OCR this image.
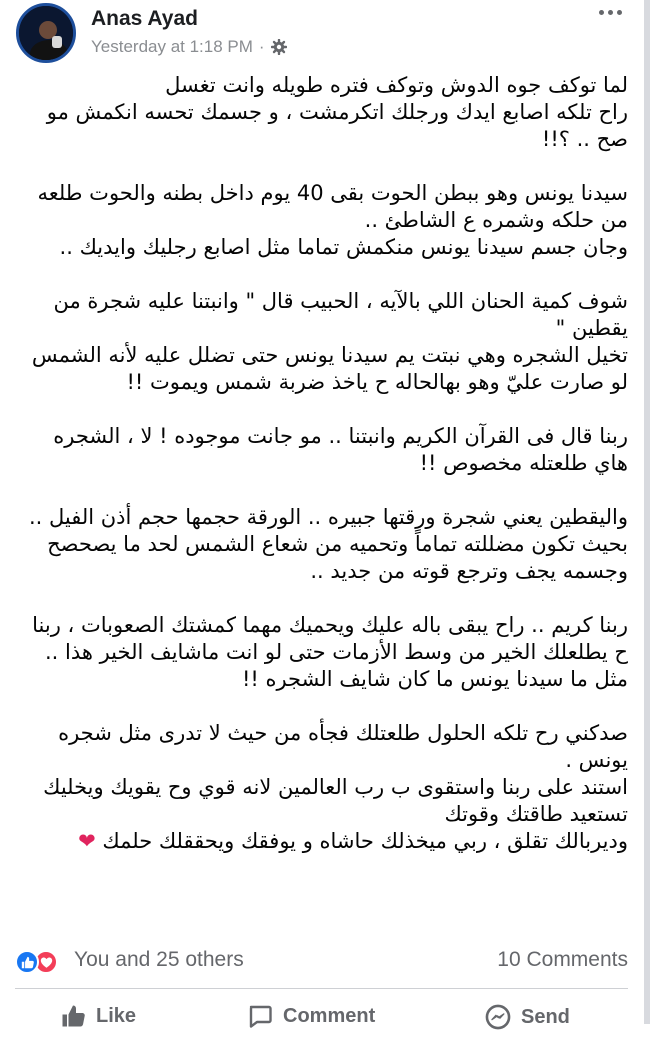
Anas Ayad
Yesterday at 1:18 PM ·

لما توكف جوه الدوش وتوكف فتره طويله وانت تغسل
راح تلكه اصابع ايدك ورجلك اتكرمشت ، و جسمك تحسه انكمش مو صح .. ؟!!

سيدنا يونس وهو ببطن الحوت بقى 40 يوم داخل بطنه والحوت طلعه من حلكه وشمره ع الشاطئ ..
وجان جسم سيدنا يونس منكمش تماما مثل اصابع رجليك وايديك ..

شوف كمية الحنان اللي بالآيه ، الحبيب قال " وانبتنا عليه شجرة من يقطين "
تخيل الشجره وهي نبتت يم سيدنا يونس حتى تضلل عليه لأنه الشمس لو صارت عليّ وهو بهالحاله ح ياخذ ضربة شمس ويموت !!

ربنا قال فى القرآن الكريم وانبتنا .. مو جانت موجوده ! لا ، الشجره هاي طلعتله مخصوص !!

واليقطين يعني شجرة ورقتها جبيره .. الورقة حجمها حجم أذن الفيل ..
بحيث تكون مضللته تماماً وتحميه من شعاع الشمس لحد ما يصحصح وجسمه يجف وترجع قوته من جديد ..

ربنا كريم .. راح يبقى باله عليك ويحميك مهما كمشتك الصعوبات ، ربنا ح يطلعلك الخير من وسط الأزمات حتى لو انت ماشايف الخير هذا ..
مثل ما سيدنا يونس ما كان شايف الشجره !!

صدكني رح تلكه الحلول طلعتلك فجأه من حيث لا تدرى مثل شجره يونس .
استند على ربنا واستقوى ب رب العالمين لانه قوي وح يقويك ويخليك تستعيد طاقتك وقوتك
وديربالك تقلق ، ربي ميخذلك حاشاه و يوفقك ويحققلك حلمك ❤

You and 25 others	10 Comments
Like	Comment	Send
